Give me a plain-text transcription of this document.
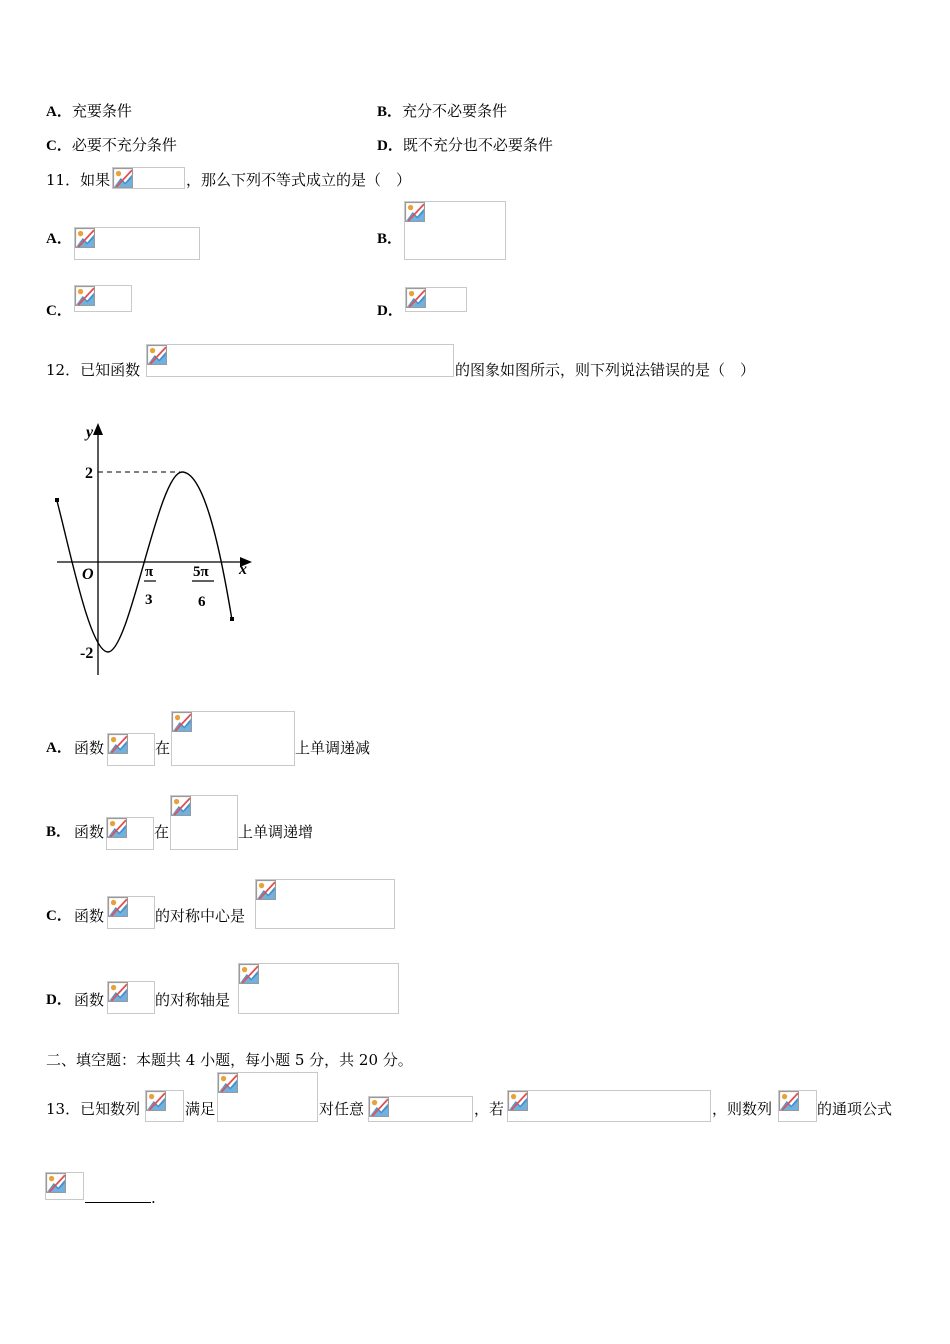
A．充要条件	B．充分不必要条件
C．必要不充分条件	D．既不充分也不必要条件
11．如果	，那么下列不等式成立的是（　）
A．	B．
C．	D．
12．已知函数	的图象如图所示，则下列说法错误的是（　）
y
x
O
2
-2
π
3
5π
6
A． 函数	在	上单调递减
B． 函数	在	上单调递增
C． 函数	的对称中心是
D． 函数	的对称轴是
二、填空题：本题共 4 小题，每小题 5 分，共 20 分。
13．已知数列	满足	对任意	，若	，则数列	的通项公式
.
